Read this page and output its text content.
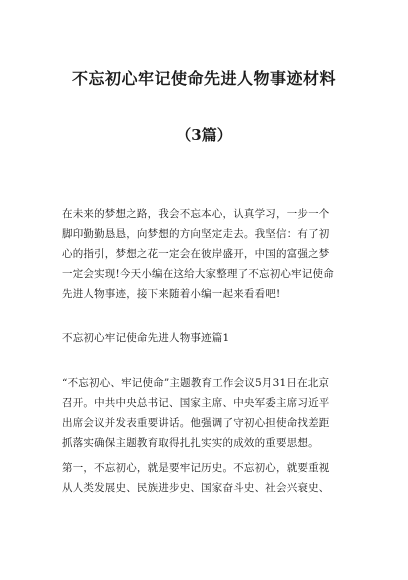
不忘初心牢记使命先进人物事迹材料
（3篇）
在未来的梦想之路，我会不忘本心，认真学习，一步一个
脚印勤勤恳恳，向梦想的方向坚定走去。我坚信：有了初
心的指引，梦想之花一定会在彼岸盛开，中国的富强之梦
一定会实现!今天小编在这给大家整理了不忘初心牢记使命
先进人物事迹，接下来随着小编一起来看看吧!
不忘初心牢记使命先进人物事迹篇1
“不忘初心、牢记使命”主题教育工作会议5月31日在北京
召开。中共中央总书记、国家主席、中央军委主席习近平
出席会议并发表重要讲话。他强调了守初心担使命找差距
抓落实确保主题教育取得扎扎实实的成效的重要思想。
第一，不忘初心，就是要牢记历史。不忘初心，就要重视
从人类发展史、民族进步史、国家奋斗史、社会兴衰史、
